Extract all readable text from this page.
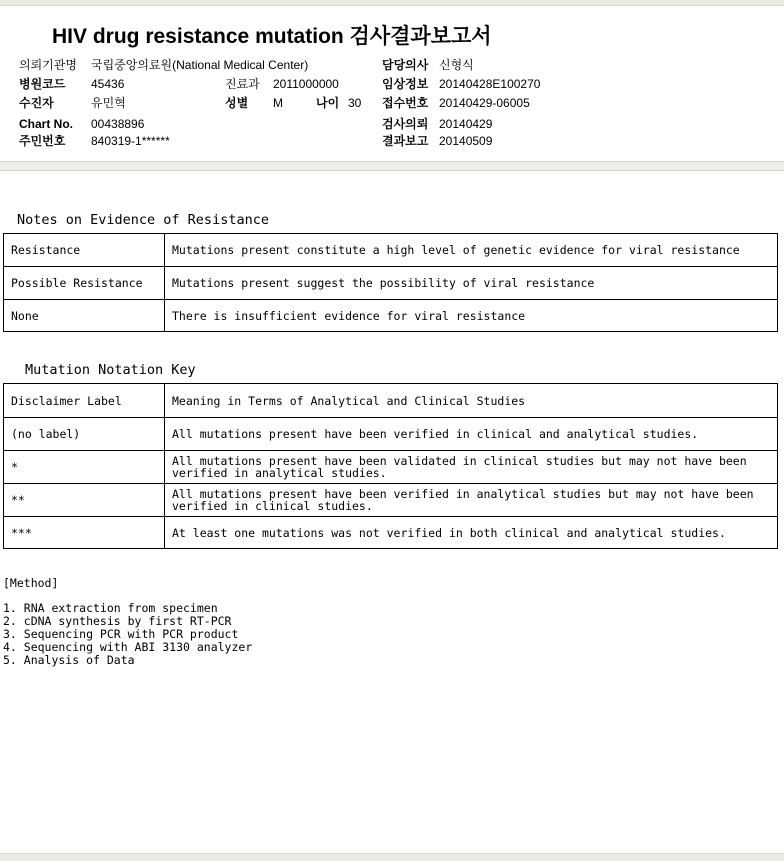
HIV drug resistance mutation 검사결과보고서
의뢰기관명 국립중앙의료원(National Medical Center)
병원코드 45436	진료과 2011000000
수진자	유민혁	성별 M	나이 30
Chart No. 00438896
주민번호 840319-1******
담당의사 신형식
임상정보 20140428E100270
접수번호 20140429-06005
검사의뢰 20140429
결과보고 20140509
Notes on Evidence of Resistance
Resistance	Mutations present constitute a high level of genetic evidence for viral resistance
Possible Resistance	Mutations present suggest the possibility of viral resistance
None	There is insufficient evidence for viral resistance
Mutation Notation Key
Disclaimer Label	Meaning in Terms of Analytical and Clinical Studies
(no label)	All mutations present have been verified in clinical and analytical studies.
*	All mutations present have been validated in clinical studies but may not have been verified in analytical studies.
**	All mutations present have been verified in analytical studies but may not have been verified in clinical studies.
***	At least one mutations was not verified in both clinical and analytical studies.
[Method]
1. RNA extraction from specimen
2. cDNA synthesis by first RT-PCR
3. Sequencing PCR with PCR product
4. Sequencing with ABI 3130 analyzer
5. Analysis of Data
